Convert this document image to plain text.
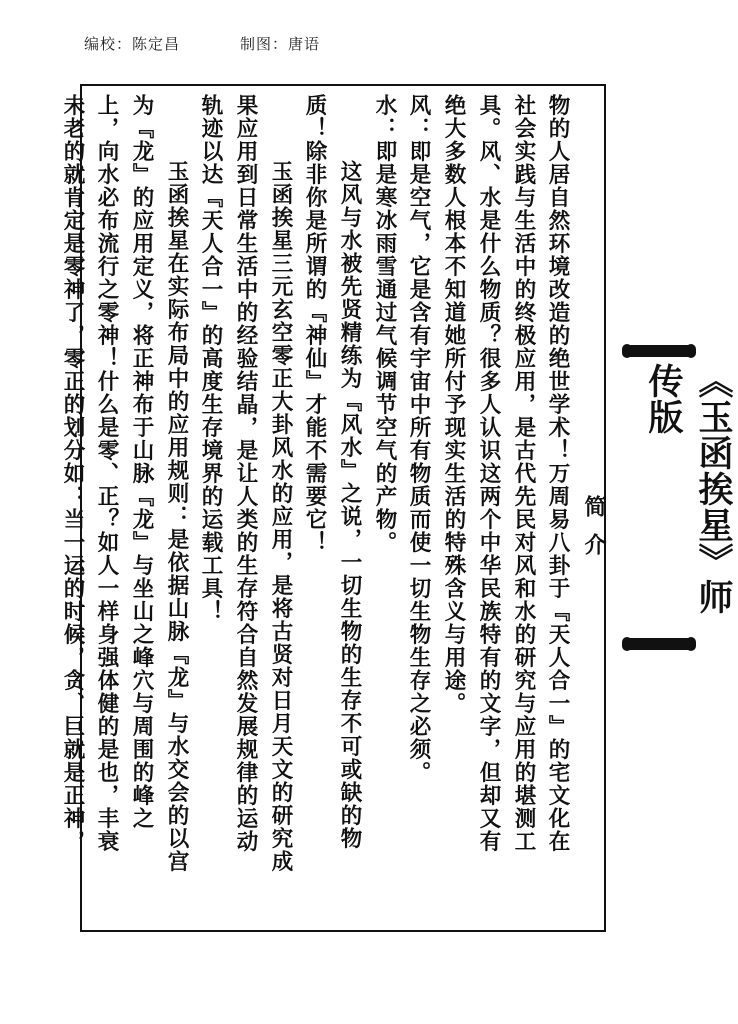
编校：陈定昌	制图：唐语
简介
物的人居自然环境改造的绝世学术！万周易八卦于『天人合一』的宅文化在
社会实践与生活中的终极应用，是古代先民对风和水的研究与应用的堪测工
具。风、水是什么物质？很多人认识这两个中华民族特有的文字，但却又有
绝大多数人根本不知道她所付予现实生活的特殊含义与用途。
风：即是空气，它是含有宇宙中所有物质而使一切生物生存之必须。
水：即是寒冰雨雪通过气候调节空气的产物。
这风与水被先贤精练为『风水』之说，一切生物的生存不可或缺的物
质！除非你是所谓的『神仙』才能不需要它！
玉函挨星三元玄空零正大卦风水的应用，是将古贤对日月天文的研究成
果应用到日常生活中的经验结晶，是让人类的生存符合自然发展规律的运动
轨迹以达『天人合一』的高度生存境界的运载工具！
玉函挨星在实际布局中的应用规则：是依据山脉『龙』与水交会的以宫
为『龙』的应用定义，将正神布于山脉『龙』与坐山之峰穴与周围的峰之
上，向水必布流行之零神！什么是零、正？如人一样身强体健的是也，丰衰
未老的就肯定是零神了，零正的划分如：当一运的时候，贪、巨就是正神，	《玉函挨星》师传版
